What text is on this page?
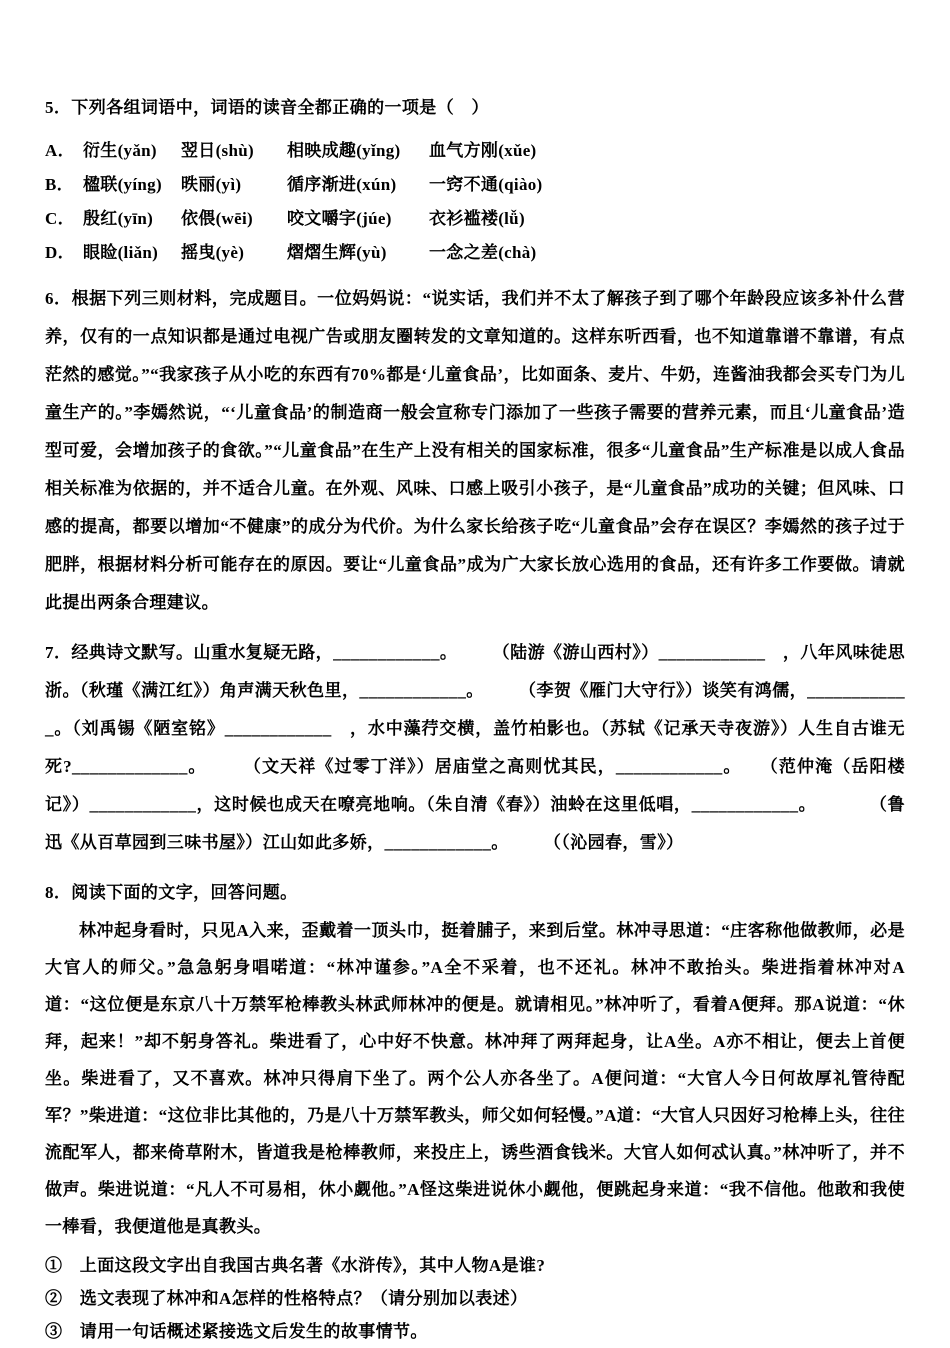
5．下列各组词语中，词语的读音全都正确的一项是（　）

A． 衍生(yǎn)	翌日(shù)	相映成趣(yǐng)	血气方刚(xǔe)
B． 楹联(yíng)	昳丽(yì)	循序渐进(xún)	一窍不通(qiào)
C． 殷红(yīn)	依偎(wēi)	咬文嚼字(júe)	衣衫褴褛(lǚ)
D． 眼睑(liǎn)	摇曳(yè)	熠熠生辉(yù)	一念之差(chà)

6．根据下列三则材料，完成题目。一位妈妈说：“说实话，我们并不太了解孩子到了哪个年龄段应该多补什么营养，仅有的一点知识都是通过电视广告或朋友圈转发的文章知道的。这样东听西看，也不知道靠谱不靠谱，有点茫然的感觉。”“我家孩子从小吃的东西有70%都是‘儿童食品’，比如面条、麦片、牛奶，连酱油我都会买专门为儿童生产的。”李嫣然说，“‘儿童食品’的制造商一般会宣称专门添加了一些孩子需要的营养元素，而且‘儿童食品’造型可爱，会增加孩子的食欲。”“儿童食品”在生产上没有相关的国家标准，很多“儿童食品”生产标准是以成人食品相关标准为依据的，并不适合儿童。在外观、风味、口感上吸引小孩子，是“儿童食品”成功的关键；但风味、口感的提高，都要以增加“不健康”的成分为代价。为什么家长给孩子吃“儿童食品”会存在误区？李嫣然的孩子过于肥胖，根据材料分析可能存在的原因。要让“儿童食品”成为广大家长放心选用的食品，还有许多工作要做。请就此提出两条合理建议。

7．经典诗文默写。山重水复疑无路，____________。　　　（陆游《游山西村》）____________　，八年风味徒思浙。（秋瑾《满江红》）角声满天秋色里，____________。　　　（李贺《雁门大守行》）谈笑有鸿儒，____________。（刘禹锡《陋室铭》____________　，水中藻荇交横，盖竹柏影也。（苏轼《记承天寺夜游》）人生自古谁无死?_____________。　　　（文天祥《过零丁洋》）居庙堂之高则忧其民，____________。　　（范仲淹（岳阳楼记》）____________，这时候也成天在嘹亮地响。（朱自清《春》）油蛉在这里低唱，____________。　　　　（鲁迅《从百草园到三味书屋》）江山如此多娇，____________。　　　（（沁园春，雪》）

8．阅读下面的文字，回答问题。

林冲起身看时，只见A入来，歪戴着一顶头巾，挺着脯子，来到后堂。林冲寻思道：“庄客称他做教师，必是大官人的师父。”急急躬身唱喏道：“林冲谨参。”A全不采着，也不还礼。林冲不敢抬头。柴进指着林冲对A道：“这位便是东京八十万禁军枪棒教头林武师林冲的便是。就请相见。”林冲听了，看着A便拜。那A说道：“休拜，起来！”却不躬身答礼。柴进看了，心中好不快意。林冲拜了两拜起身，让A坐。A亦不相让，便去上首便坐。柴进看了，又不喜欢。林冲只得肩下坐了。两个公人亦各坐了。A便问道：“大官人今日何故厚礼管待配军？”柴进道：“这位非比其他的，乃是八十万禁军教头，师父如何轻慢。”A道：“大官人只因好习枪棒上头，往往流配军人，都来倚草附木，皆道我是枪棒教师，来投庄上，诱些酒食钱米。大官人如何忒认真。”林冲听了，并不做声。柴进说道：“凡人不可易相，休小觑他。”A怪这柴进说休小觑他，便跳起身来道：“我不信他。他敢和我使一棒看，我便道他是真教头。

①　上面这段文字出自我国古典名著《水浒传》，其中人物A是谁?

②　选文表现了林冲和A怎样的性格特点？（请分别加以表述）

③　请用一句话概述紧接选文后发生的故事情节。
